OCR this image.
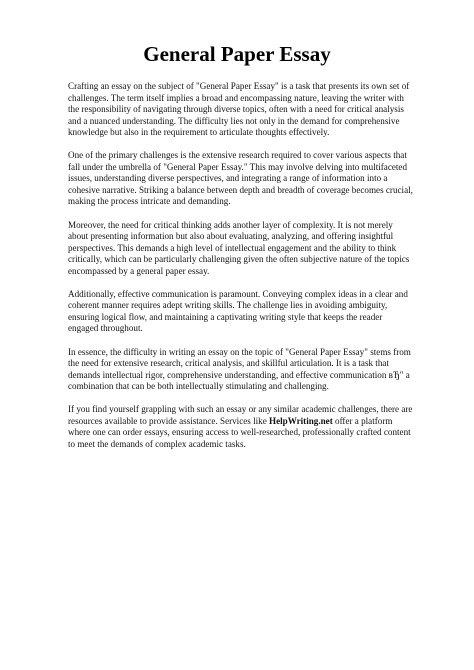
General Paper Essay

Crafting an essay on the subject of "General Paper Essay" is a task that presents its own set of challenges. The term itself implies a broad and encompassing nature, leaving the writer with the responsibility of navigating through diverse topics, often with a need for critical analysis and a nuanced understanding. The difficulty lies not only in the demand for comprehensive knowledge but also in the requirement to articulate thoughts effectively.

One of the primary challenges is the extensive research required to cover various aspects that fall under the umbrella of "General Paper Essay." This may involve delving into multifaceted issues, understanding diverse perspectives, and integrating a range of information into a cohesive narrative. Striking a balance between depth and breadth of coverage becomes crucial, making the process intricate and demanding.

Moreover, the need for critical thinking adds another layer of complexity. It is not merely about presenting information but also about evaluating, analyzing, and offering insightful perspectives. This demands a high level of intellectual engagement and the ability to think critically, which can be particularly challenging given the often subjective nature of the topics encompassed by a general paper essay.

Additionally, effective communication is paramount. Conveying complex ideas in a clear and coherent manner requires adept writing skills. The challenge lies in avoiding ambiguity, ensuring logical flow, and maintaining a captivating writing style that keeps the reader engaged throughout.

In essence, the difficulty in writing an essay on the topic of "General Paper Essay" stems from the need for extensive research, critical analysis, and skillful articulation. It is a task that demands intellectual rigor, comprehensive understanding, and effective communication вЂ" a combination that can be both intellectually stimulating and challenging.

If you find yourself grappling with such an essay or any similar academic challenges, there are resources available to provide assistance. Services like HelpWriting.net offer a platform where one can order essays, ensuring access to well-researched, professionally crafted content to meet the demands of complex academic tasks.
